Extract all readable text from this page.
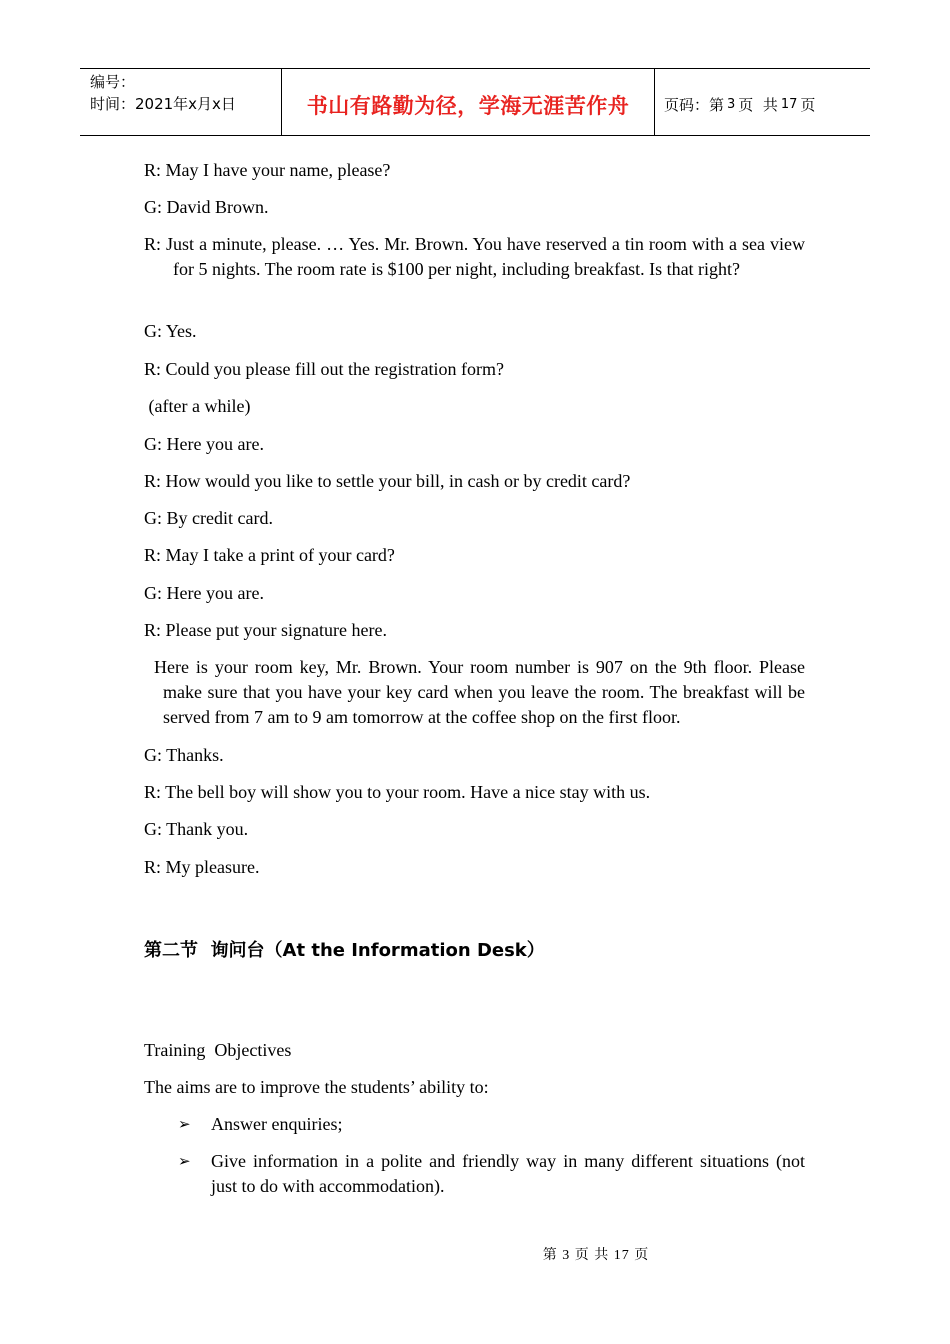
编号：
时间：2021年x月x日	书山有路勤为径，学海无涯苦作舟 页码：第 3 页  共 17 页
R: May I have your name, please?
G: David Brown.
R: Just a minute, please. … Yes. Mr. Brown. You have reserved a tin room with a sea view for 5 nights. The room rate is $100 per night, including breakfast. Is that right?
G: Yes.
R: Could you please fill out the registration form?
(after a while)
G: Here you are.
R: How would you like to settle your bill, in cash or by credit card?
G: By credit card.
R: May I take a print of your card?
G: Here you are.
R: Please put your signature here.
Here is your room key, Mr. Brown. Your room number is 907 on the 9th floor. Please make sure that you have your key card when you leave the room. The breakfast will be served from 7 am to 9 am tomorrow at the coffee shop on the first floor.
G: Thanks.
R: The bell boy will show you to your room. Have a nice stay with us.
G: Thank you.
R: My pleasure.
第二节  询问台（At the Information Desk）
Training  Objectives
The aims are to improve the students’ ability to:
➢ Answer enquiries;
➢ Give information in a polite and friendly way in many different situations (not just to do with accommodation).
第 3 页 共 17 页
